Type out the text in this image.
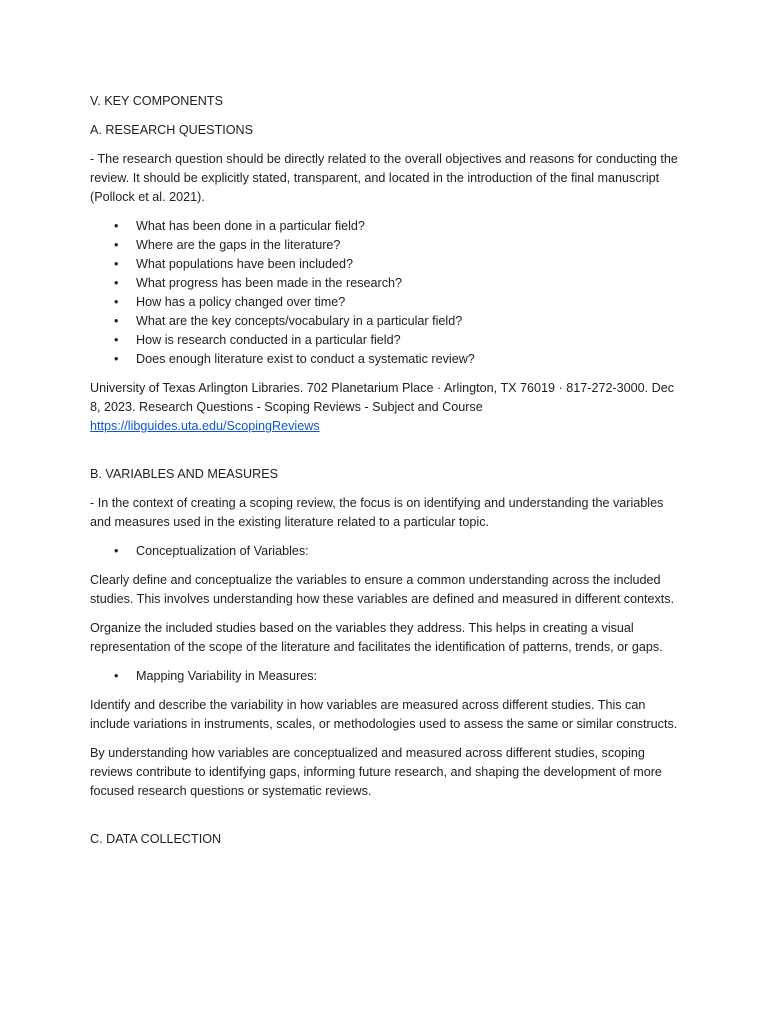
V. KEY COMPONENTS

A. RESEARCH QUESTIONS

- The research question should be directly related to the overall objectives and reasons for conducting the review. It should be explicitly stated, transparent, and located in the introduction of the final manuscript (Pollock et al. 2021).

• What has been done in a particular field?
• Where are the gaps in the literature?
• What populations have been included?
• What progress has been made in the research?
• How has a policy changed over time?
• What are the key concepts/vocabulary in a particular field?
• How is research conducted in a particular field?
• Does enough literature exist to conduct a systematic review?

University of Texas Arlington Libraries. 702 Planetarium Place · Arlington, TX 76019 · 817-272-3000. Dec 8, 2023. Research Questions - Scoping Reviews - Subject and Course
https://libguides.uta.edu/ScopingReviews

B. VARIABLES AND MEASURES

- In the context of creating a scoping review, the focus is on identifying and understanding the variables and measures used in the existing literature related to a particular topic.

• Conceptualization of Variables:

Clearly define and conceptualize the variables to ensure a common understanding across the included studies. This involves understanding how these variables are defined and measured in different contexts.

Organize the included studies based on the variables they address. This helps in creating a visual representation of the scope of the literature and facilitates the identification of patterns, trends, or gaps.

• Mapping Variability in Measures:

Identify and describe the variability in how variables are measured across different studies. This can include variations in instruments, scales, or methodologies used to assess the same or similar constructs.

By understanding how variables are conceptualized and measured across different studies, scoping reviews contribute to identifying gaps, informing future research, and shaping the development of more focused research questions or systematic reviews.

C. DATA COLLECTION
